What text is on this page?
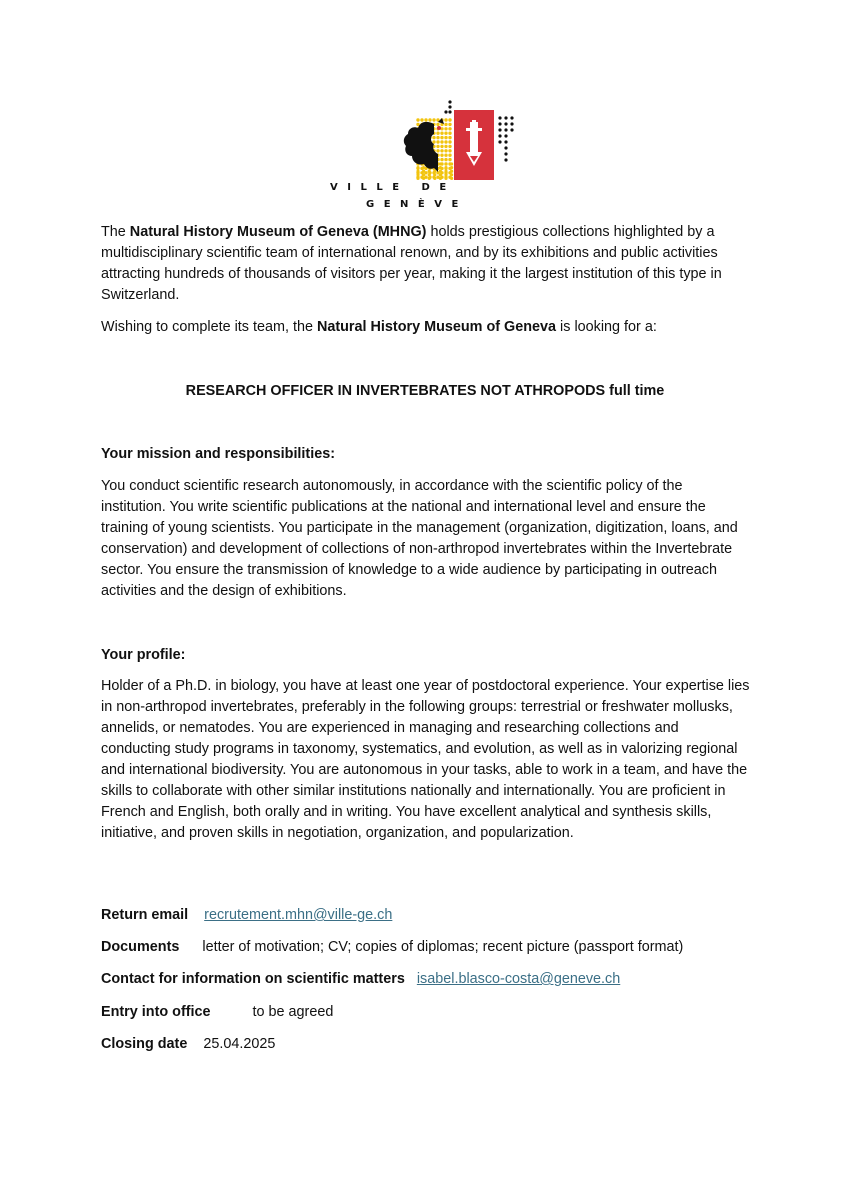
VILLE DE
GENÈVE

The Natural History Museum of Geneva (MHNG) holds prestigious collections highlighted by a multidisciplinary scientific team of international renown, and by its exhibitions and public activities attracting hundreds of thousands of visitors per year, making it the largest institution of this type in Switzerland.

Wishing to complete its team, the Natural History Museum of Geneva is looking for a:

RESEARCH OFFICER IN INVERTEBRATES NOT ATHROPODS full time
Your mission and responsibilities:

You conduct scientific research autonomously, in accordance with the scientific policy of the institution. You write scientific publications at the national and international level and ensure the training of young scientists. You participate in the management (organization, digitization, loans, and conservation) and development of collections of non-arthropod invertebrates within the Invertebrate sector. You ensure the transmission of knowledge to a wide audience by participating in outreach activities and the design of exhibitions.

Your profile:

Holder of a Ph.D. in biology, you have at least one year of postdoctoral experience. Your expertise lies in non-arthropod invertebrates, preferably in the following groups: terrestrial or freshwater mollusks, annelids, or nematodes. You are experienced in managing and researching collections and conducting study programs in taxonomy, systematics, and evolution, as well as in valorizing regional and international biodiversity. You are autonomous in your tasks, able to work in a team, and have the skills to collaborate with other similar institutions nationally and internationally. You are proficient in French and English, both orally and in writing. You have excellent analytical and synthesis skills, initiative, and proven skills in negotiation, organization, and popularization.

Return email recrutement.mhn@ville-ge.ch
Documents letter of motivation; CV; copies of diplomas; recent picture (passport format)
Contact for information on scientific matters isabel.blasco-costa@geneve.ch
Entry into office	to be agreed
Closing date 25.04.2025
